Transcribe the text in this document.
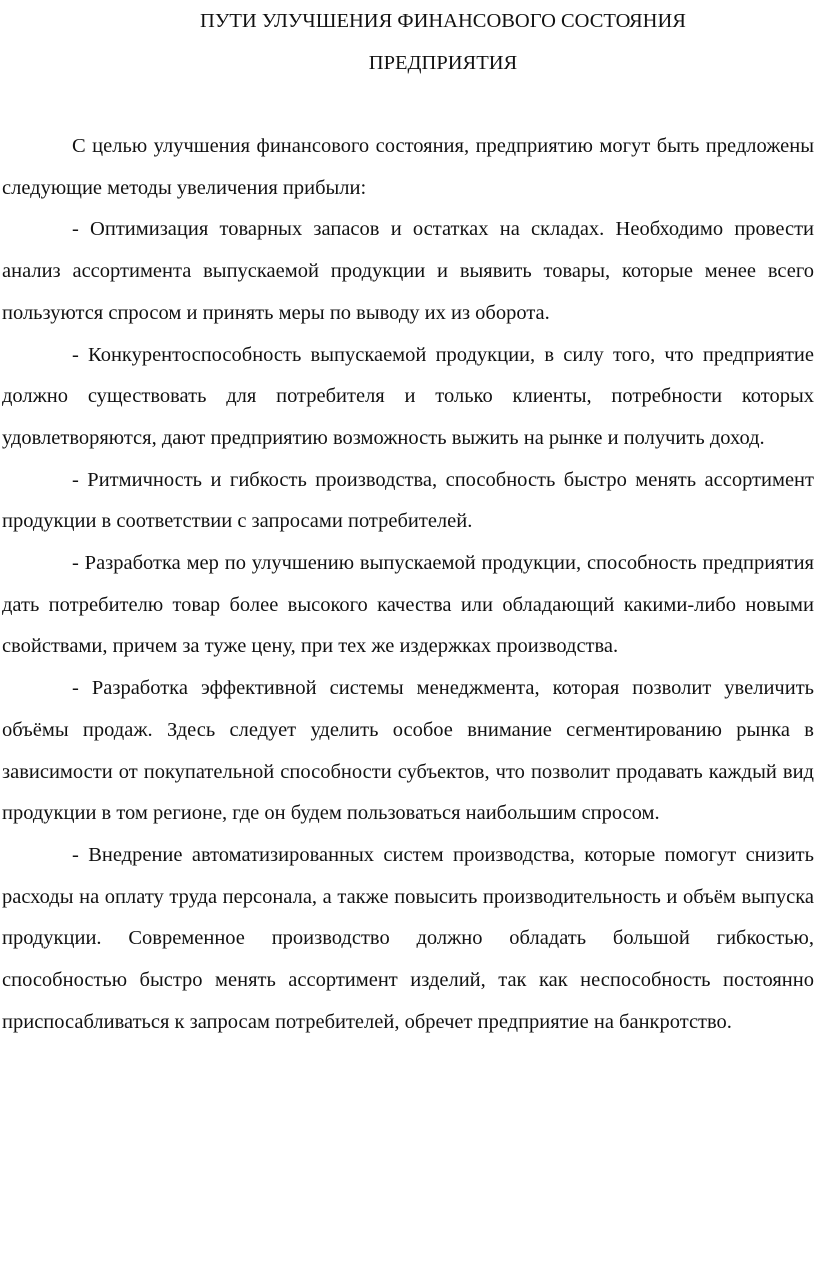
ПУТИ УЛУЧШЕНИЯ ФИНАНСОВОГО СОСТОЯНИЯ
ПРЕДПРИЯТИЯ

С целью улучшения финансового состояния, предприятию могут быть предложены следующие методы увеличения прибыли:

- Оптимизация товарных запасов и остатках на складах. Необходимо провести анализ ассортимента выпускаемой продукции и выявить товары, которые менее всего пользуются спросом и принять меры по выводу их из оборота.

- Конкурентоспособность выпускаемой продукции, в силу того, что предприятие должно существовать для потребителя и только клиенты, потребности которых удовлетворяются, дают предприятию возможность выжить на рынке и получить доход.

- Ритмичность и гибкость производства, способность быстро менять ассортимент продукции в соответствии с запросами потребителей.

- Разработка мер по улучшению выпускаемой продукции, способность предприятия дать потребителю товар более высокого качества или обладающий какими-либо новыми свойствами, причем за туже цену, при тех же издержках производства.

- Разработка эффективной системы менеджмента, которая позволит увеличить объёмы продаж. Здесь следует уделить особое внимание сегментированию рынка в зависимости от покупательной способности субъектов, что позволит продавать каждый вид продукции в том регионе, где он будем пользоваться наибольшим спросом.

- Внедрение автоматизированных систем производства, которые помогут снизить расходы на оплату труда персонала, а также повысить производительность и объём выпуска продукции. Современное производство должно обладать большой гибкостью, способностью быстро менять ассортимент изделий, так как неспособность постоянно приспосабливаться к запросам потребителей, обречет предприятие на банкротство.
